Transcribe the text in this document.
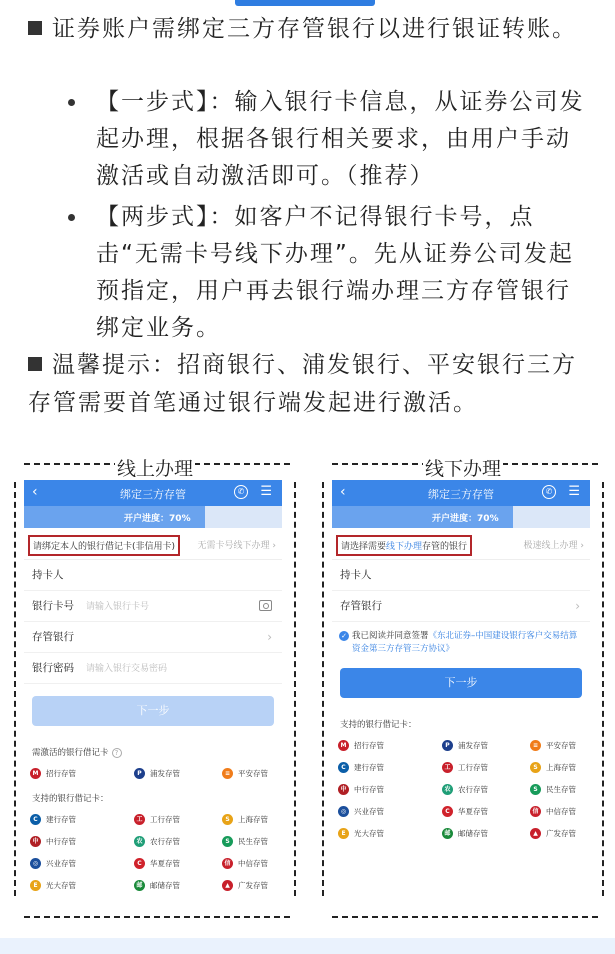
证券账户需绑定三方存管银行以进行银证转账。
【一步式】：输入银行卡信息，从证券公司发起办理，根据各银行相关要求，由用户手动激活或自动激活即可。（推荐）
【两步式】：如客户不记得银行卡号，点击“无需卡号线下办理”。先从证券公司发起预指定，用户再去银行端办理三方存管银行绑定业务。
温馨提示：招商银行、浦发银行、平安银行三方存管需要首笔通过银行端发起进行激活。
线上办理
‹	绑定三方存管	✆ ☰
开户进度：70%
请绑定本人的银行借记卡(非信用卡)	无需卡号线下办理 ›
持卡人
银行卡号 请输入银行卡号
存管银行	›
银行密码 请输入银行交易密码
下一步
需激活的银行借记卡 ?
M	招行存管	P	浦发存管	≡	平安存管
支持的银行借记卡：
C	建行存管	工	工行存管	S	上海存管
中	中行存管	农	农行存管	S	民生存管
◎	兴业存管	C	华夏存管	信	中信存管
E	光大存管	邮	邮储存管	▲	广发存管
线下办理
‹	绑定三方存管	✆ ☰
开户进度：70%
请选择需要线下办理存管的银行	极速线上办理 ›
持卡人
存管银行	›
✓ 我已阅读并同意签署《东北证券–中国建设银行客户交易结算资金第三方存管三方协议》
下一步
支持的银行借记卡：
M	招行存管	P	浦发存管	≡	平安存管
C	建行存管	工	工行存管	S	上海存管
中	中行存管	农	农行存管	S	民生存管
◎	兴业存管	C	华夏存管	信	中信存管
E	光大存管	邮	邮储存管	▲	广发存管
